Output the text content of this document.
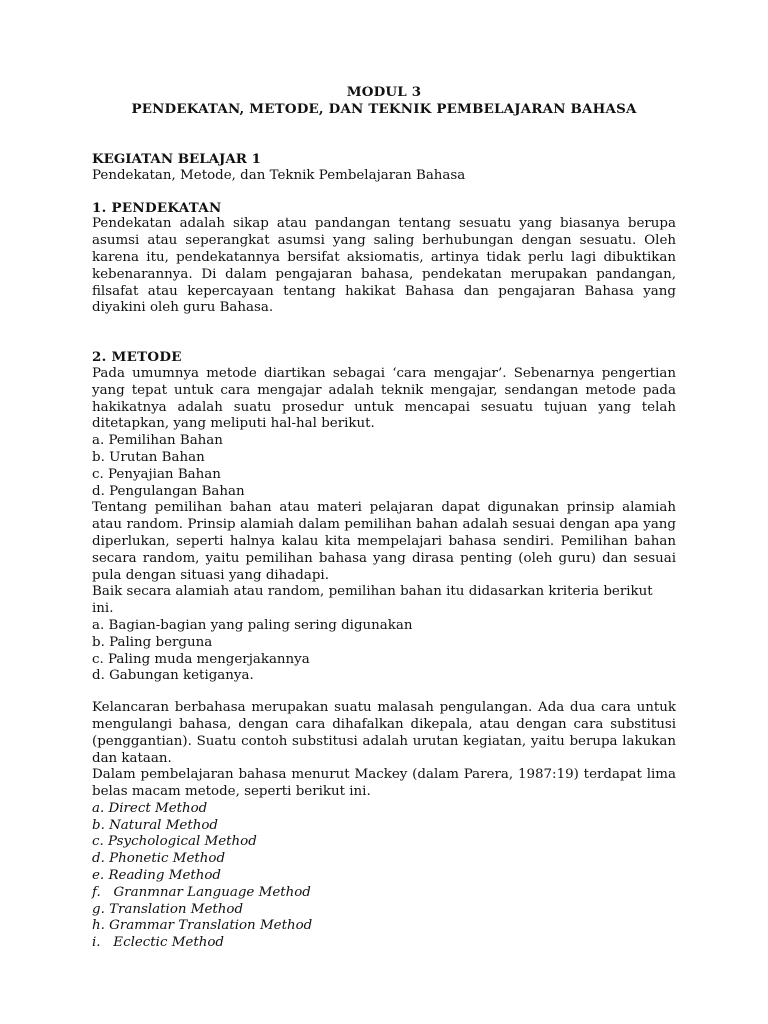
MODUL 3
PENDEKATAN, METODE, DAN TEKNIK PEMBELAJARAN BAHASA
KEGIATAN BELAJAR 1
Pendekatan, Metode, dan Teknik Pembelajaran Bahasa
1. PENDEKATAN
Pendekatan adalah sikap atau pandangan tentang sesuatu yang biasanya berupa asumsi atau seperangkat asumsi yang saling berhubungan dengan sesuatu. Oleh karena itu, pendekatannya bersifat aksiomatis, artinya tidak perlu lagi dibuktikan kebenarannya. Di dalam pengajaran bahasa, pendekatan merupakan pandangan, filsafat atau kepercayaan tentang hakikat Bahasa dan pengajaran Bahasa yang diyakini oleh guru Bahasa.
2. METODE
Pada umumnya metode diartikan sebagai ‘cara mengajar’. Sebenarnya pengertian yang tepat untuk cara mengajar adalah teknik mengajar, sendangan metode pada hakikatnya adalah suatu prosedur untuk mencapai sesuatu tujuan yang telah ditetapkan, yang meliputi hal-hal berikut.
a. Pemilihan Bahan
b. Urutan Bahan
c. Penyajian Bahan
d. Pengulangan Bahan
Tentang pemilihan bahan atau materi pelajaran dapat digunakan prinsip alamiah atau random. Prinsip alamiah dalam pemilihan bahan adalah sesuai dengan apa yang diperlukan, seperti halnya kalau kita mempelajari bahasa sendiri. Pemilihan bahan secara random, yaitu pemilihan bahasa yang dirasa penting (oleh guru) dan sesuai pula dengan situasi yang dihadapi.
Baik secara alamiah atau random, pemilihan bahan itu didasarkan kriteria berikut ini.
a. Bagian-bagian yang paling sering digunakan
b. Paling berguna
c. Paling muda mengerjakannya
d. Gabungan ketiganya.
Kelancaran berbahasa merupakan suatu malasah pengulangan. Ada dua cara untuk mengulangi bahasa, dengan cara dihafalkan dikepala, atau dengan cara substitusi (penggantian). Suatu contoh substitusi adalah urutan kegiatan, yaitu berupa lakukan dan kataan.
Dalam pembelajaran bahasa menurut Mackey (dalam Parera, 1987:19) terdapat lima belas macam metode, seperti berikut ini.
a. Direct Method
b. Natural Method
c. Psychological Method
d. Phonetic Method
e. Reading Method
f.   Granmnar Language Method
g. Translation Method
h. Grammar Translation Method
i.   Eclectic Method
